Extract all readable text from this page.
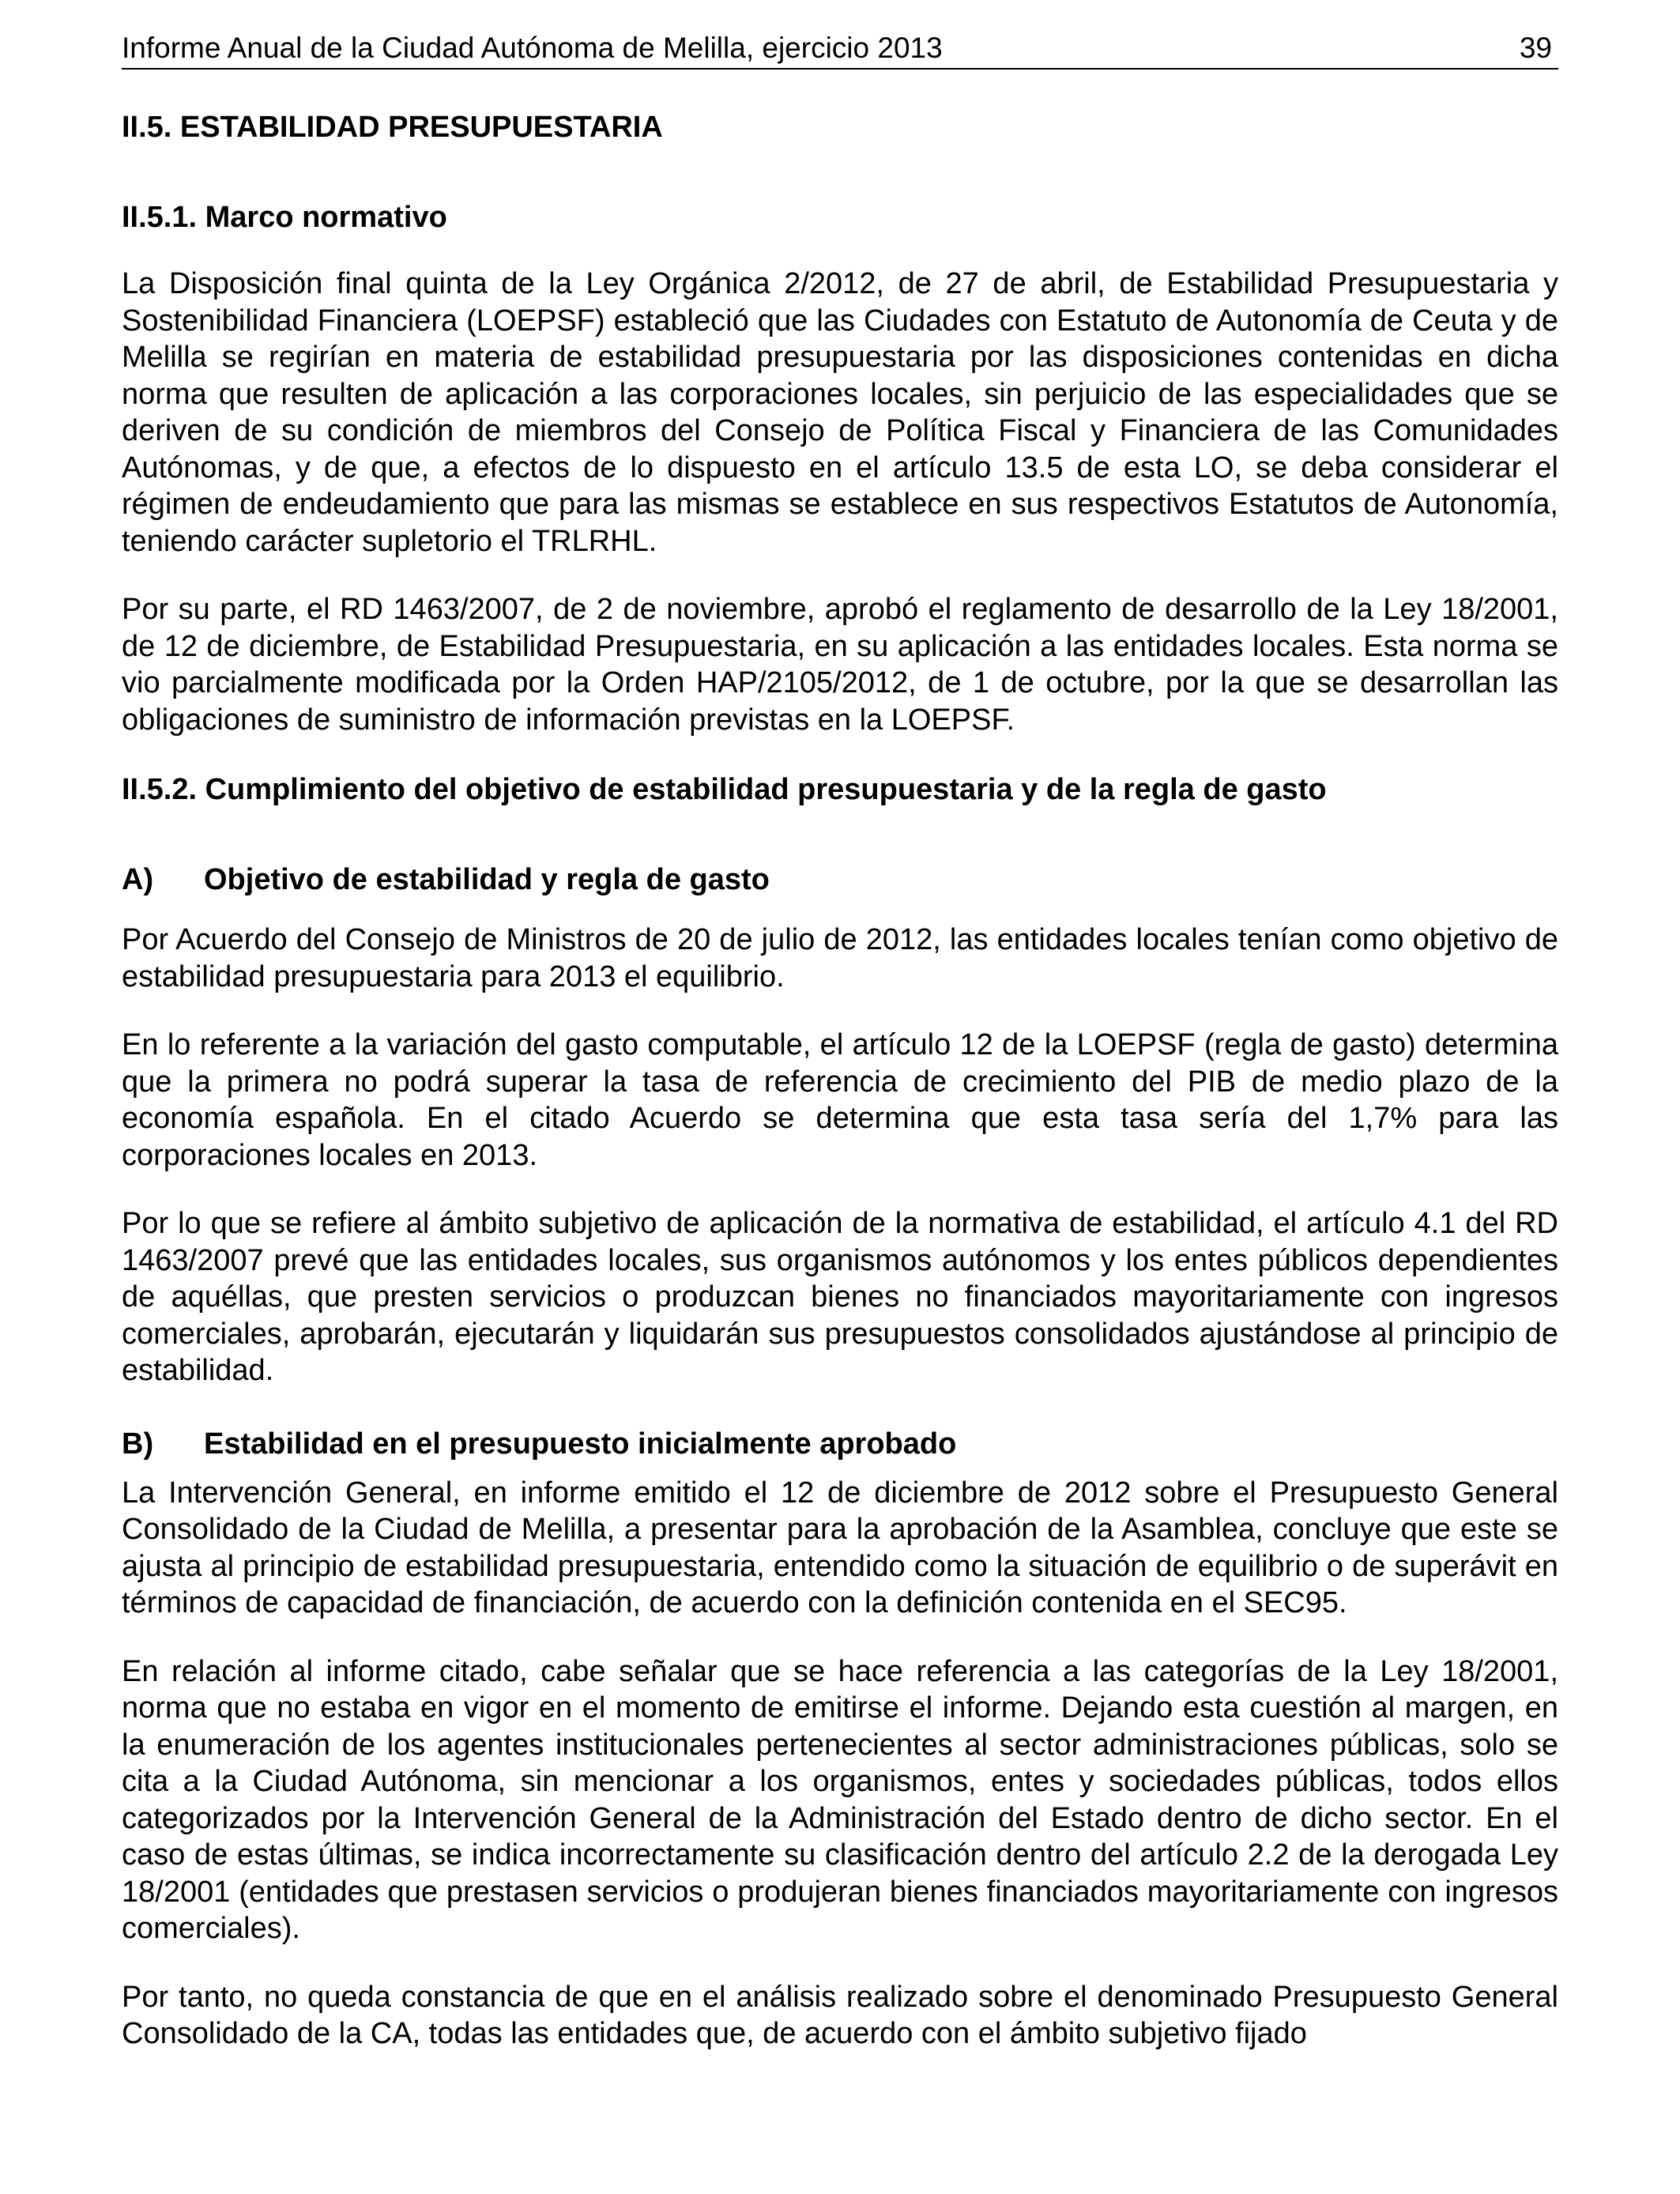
Informe Anual de la Ciudad Autónoma de Melilla, ejercicio 2013	39
II.5. ESTABILIDAD PRESUPUESTARIA
II.5.1. Marco normativo

La Disposición final quinta de la Ley Orgánica 2/2012, de 27 de abril, de Estabilidad Presupuestaria y Sostenibilidad Financiera (LOEPSF) estableció que las Ciudades con Estatuto de Autonomía de Ceuta y de Melilla se regirían en materia de estabilidad presupuestaria por las disposiciones contenidas en dicha norma que resulten de aplicación a las corporaciones locales, sin perjuicio de las especialidades que se deriven de su condición de miembros del Consejo de Política Fiscal y Financiera de las Comunidades Autónomas, y de que, a efectos de lo dispuesto en el artículo 13.5 de esta LO, se deba considerar el régimen de endeudamiento que para las mismas se establece en sus respectivos Estatutos de Autonomía, teniendo carácter supletorio el TRLRHL.

Por su parte, el RD 1463/2007, de 2 de noviembre, aprobó el reglamento de desarrollo de la Ley 18/2001, de 12 de diciembre, de Estabilidad Presupuestaria, en su aplicación a las entidades locales. Esta norma se vio parcialmente modificada por la Orden HAP/2105/2012, de 1 de octubre, por la que se desarrollan las obligaciones de suministro de información previstas en la LOEPSF.

II.5.2. Cumplimiento del objetivo de estabilidad presupuestaria y de la regla de gasto
A) Objetivo de estabilidad y regla de gasto

Por Acuerdo del Consejo de Ministros de 20 de julio de 2012, las entidades locales tenían como objetivo de estabilidad presupuestaria para 2013 el equilibrio.

En lo referente a la variación del gasto computable, el artículo 12 de la LOEPSF (regla de gasto) determina que la primera no podrá superar la tasa de referencia de crecimiento del PIB de medio plazo de la economía española. En el citado Acuerdo se determina que esta tasa sería del 1,7% para las corporaciones locales en 2013.

Por lo que se refiere al ámbito subjetivo de aplicación de la normativa de estabilidad, el artículo 4.1 del RD 1463/2007 prevé que las entidades locales, sus organismos autónomos y los entes públicos dependientes de aquéllas, que presten servicios o produzcan bienes no financiados mayoritariamente con ingresos comerciales, aprobarán, ejecutarán y liquidarán sus presupuestos consolidados ajustándose al principio de estabilidad.

B) Estabilidad en el presupuesto inicialmente aprobado

La Intervención General, en informe emitido el 12 de diciembre de 2012 sobre el Presupuesto General Consolidado de la Ciudad de Melilla, a presentar para la aprobación de la Asamblea, concluye que este se ajusta al principio de estabilidad presupuestaria, entendido como la situación de equilibrio o de superávit en términos de capacidad de financiación, de acuerdo con la definición contenida en el SEC95.

En relación al informe citado, cabe señalar que se hace referencia a las categorías de la Ley 18/2001, norma que no estaba en vigor en el momento de emitirse el informe. Dejando esta cuestión al margen, en la enumeración de los agentes institucionales pertenecientes al sector administraciones públicas, solo se cita a la Ciudad Autónoma, sin mencionar a los organismos, entes y sociedades públicas, todos ellos categorizados por la Intervención General de la Administración del Estado dentro de dicho sector. En el caso de estas últimas, se indica incorrectamente su clasificación dentro del artículo 2.2 de la derogada Ley 18/2001 (entidades que prestasen servicios o produjeran bienes financiados mayoritariamente con ingresos comerciales).

Por tanto, no queda constancia de que en el análisis realizado sobre el denominado Presupuesto General Consolidado de la CA, todas las entidades que, de acuerdo con el ámbito subjetivo fijado
